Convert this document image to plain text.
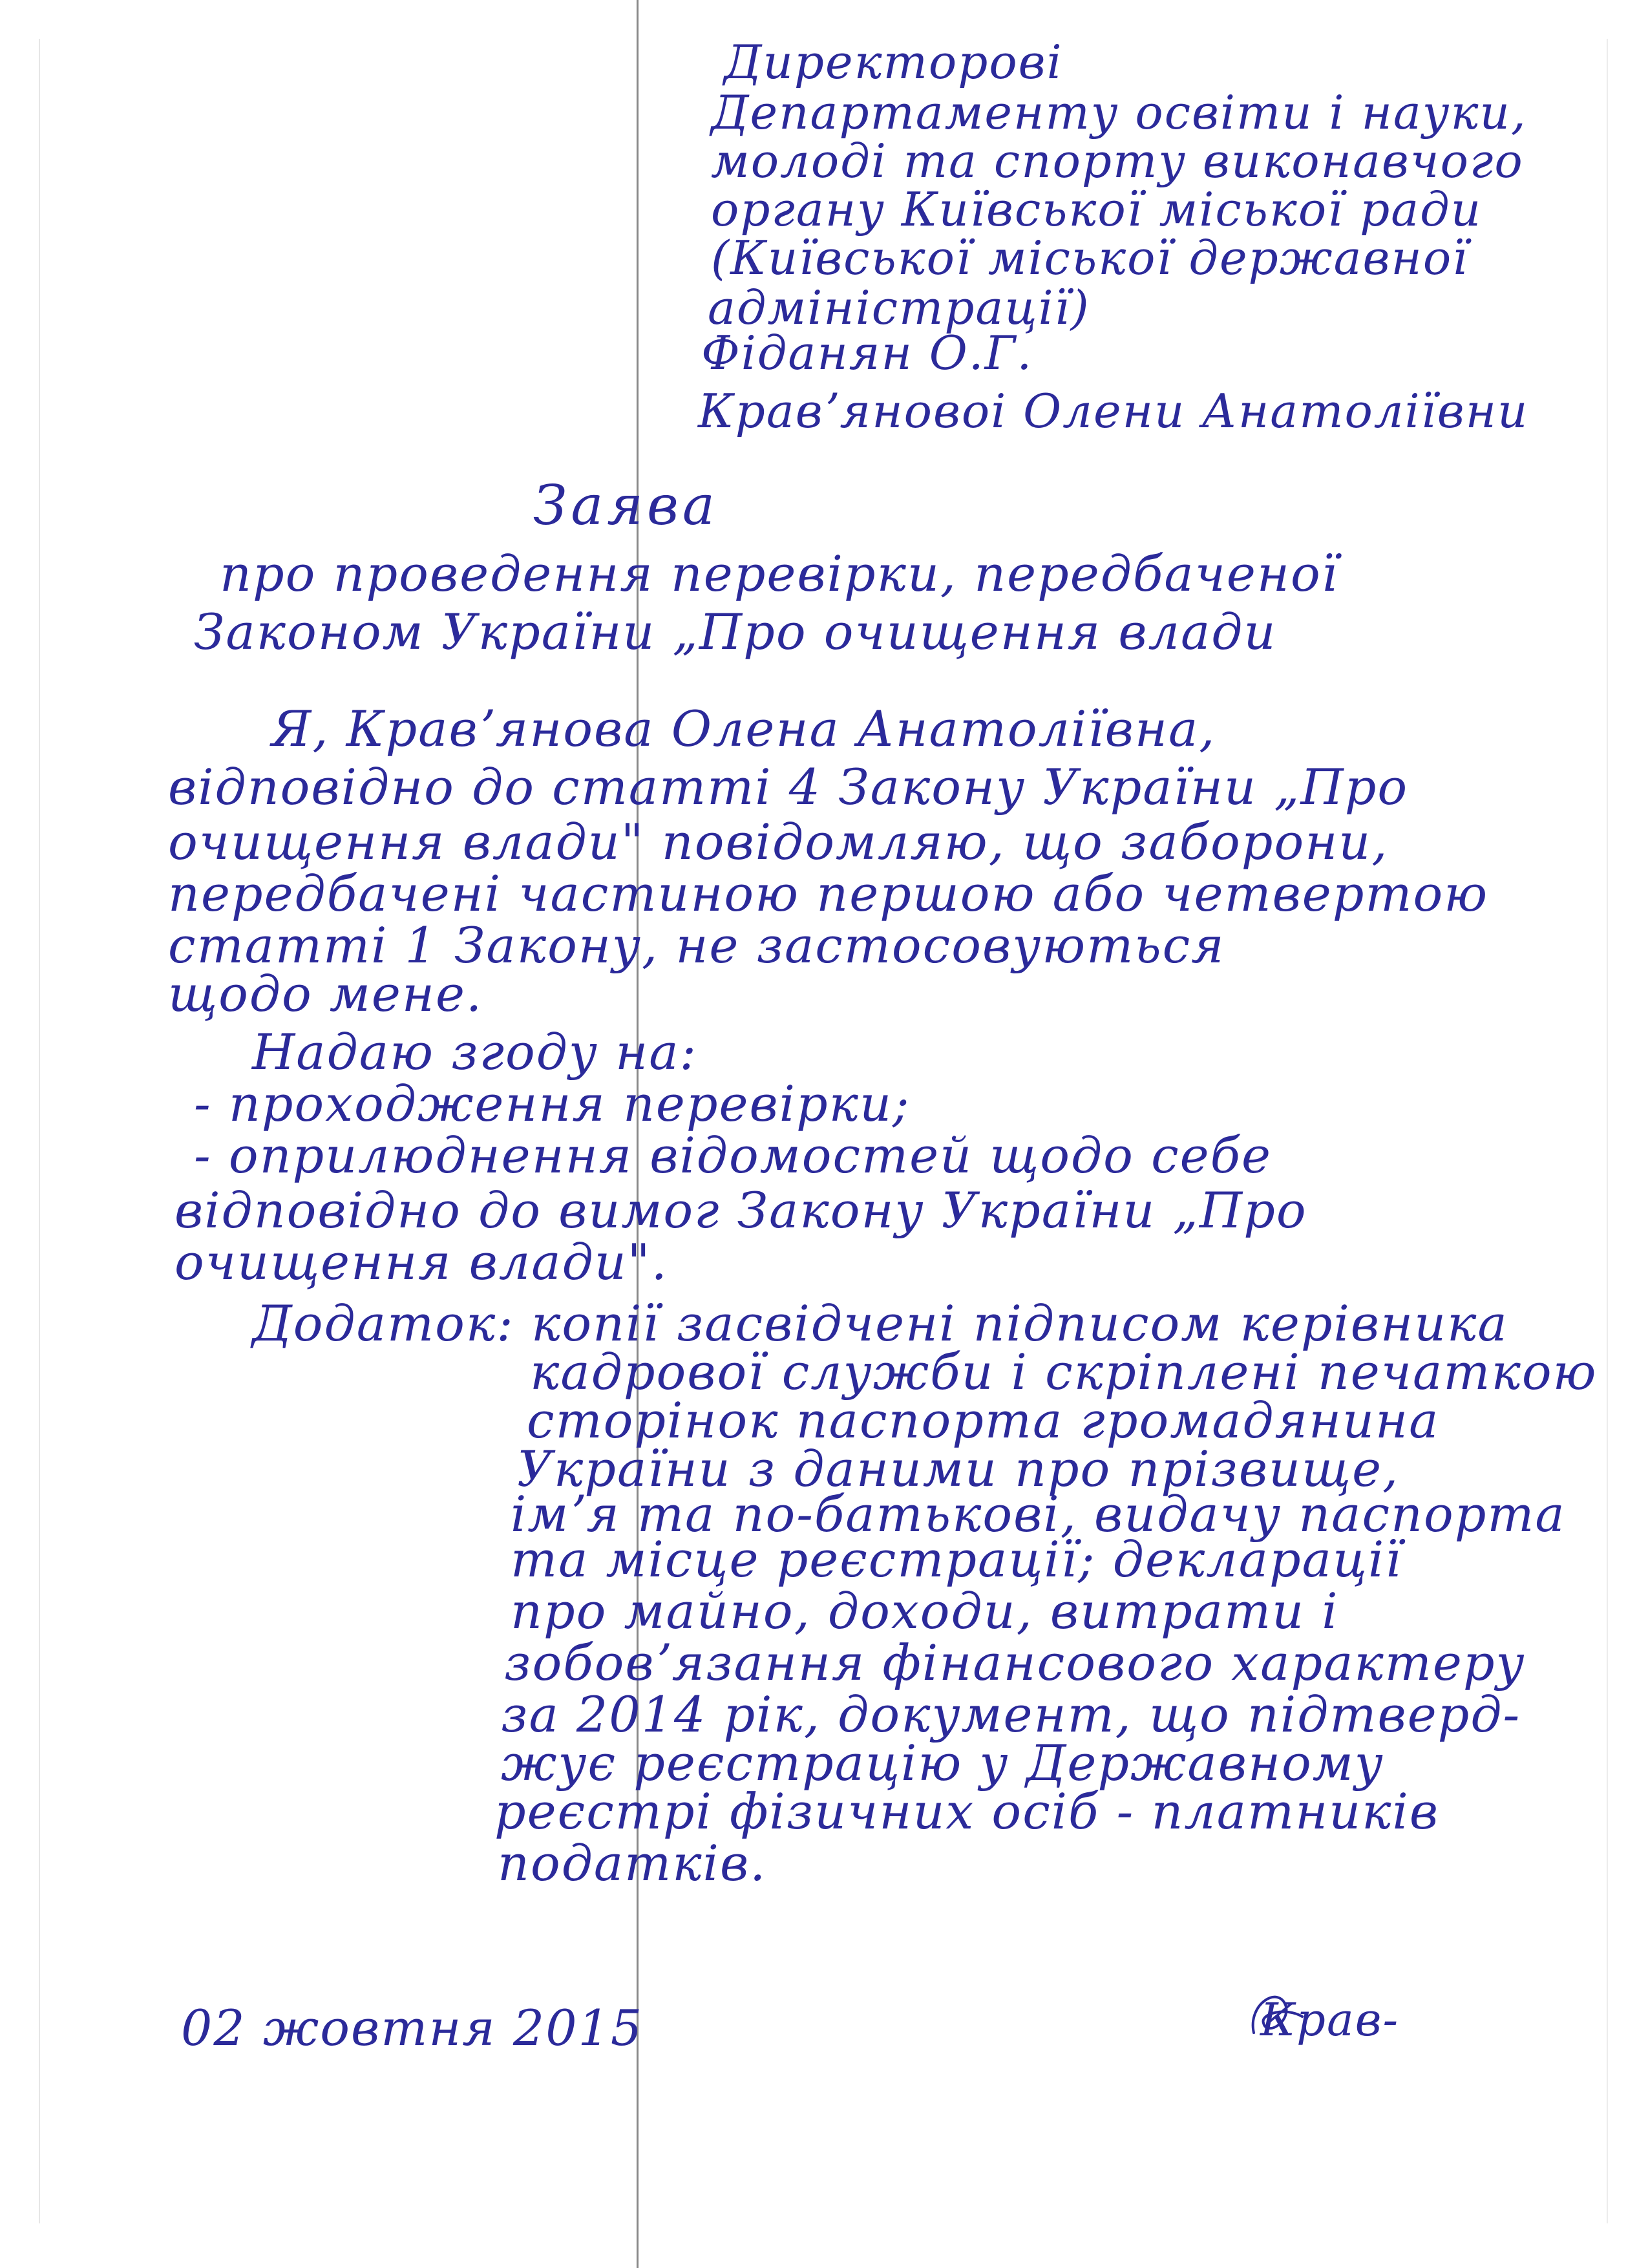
Директорові
Департаменту освіти і науки,
молоді та спорту виконавчого
органу Київської міської ради
(Київської міської державної
адміністрації)
Фіданян О.Г.
Кравʼяновоі Олени Анатоліївни
Заява
про проведення перевірки, передбаченої
Законом України „Про очищення влади
Я, Кравʼянова Олена Анатоліївна,
відповідно до статті 4 Закону України „Про
очищення влади" повідомляю, що заборони,
передбачені частиною першою або четвертою
статті 1 Закону, не застосовуються
щодо мене.
Надаю згоду на:
- проходження перевірки;
- оприлюднення відомостей щодо себе
відповідно до вимог Закону України „Про
очищення влади".
Додаток: копії засвідчені підписом керівника
кадрової служби і скріплені печаткою
сторінок паспорта громадянина
України з даними про прізвище,
імʼя та по-батькові, видачу паспорта
та місце реєстрації; декларації
про майно, доходи, витрати і
зобовʼязання фінансового характеру
за 2014 рік, документ, що підтверд-
жує реєстрацію у Державному
реєстрі фізичних осіб - платників
податків.
02 жовтня 2015	Крав-
